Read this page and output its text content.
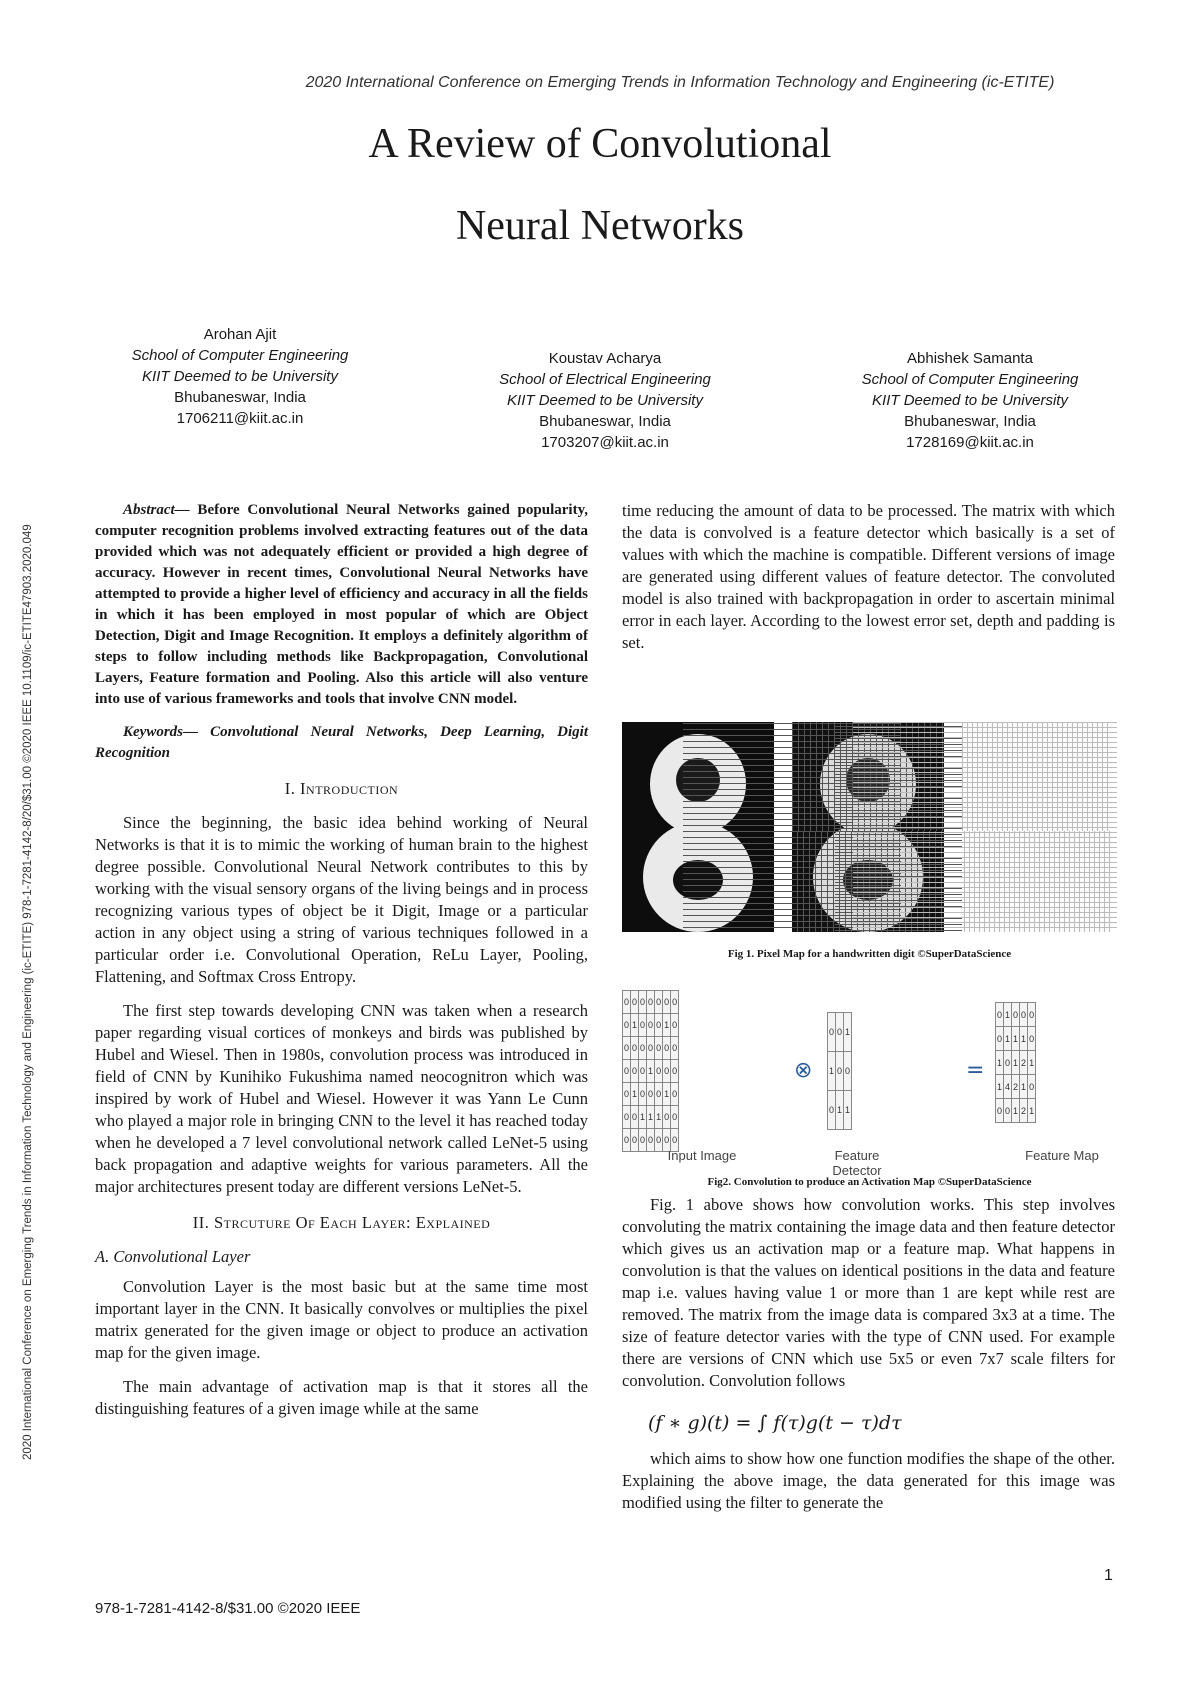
2020 International Conference on Emerging Trends in Information Technology and Engineering (ic-ETITE)
A Review of Convolutional
Neural Networks
2020 International Conference on Emerging Trends in Information Technology and Engineering (ic-ETITE) 978-1-7281-4142-8/20/$31.00 ©2020 IEEE 10.1109/ic-ETITE47903.2020.049
Arohan Ajit
School of Computer Engineering
KIIT Deemed to be University
Bhubaneswar, India
1706211@kiit.ac.in
Koustav Acharya
School of Electrical Engineering
KIIT Deemed to be University
Bhubaneswar, India
1703207@kiit.ac.in
Abhishek Samanta
School of Computer Engineering
KIIT Deemed to be University
Bhubaneswar, India
1728169@kiit.ac.in

Abstract— Before Convolutional Neural Networks gained popularity, computer recognition problems involved extracting features out of the data provided which was not adequately efficient or provided a high degree of accuracy. However in recent times, Convolutional Neural Networks have attempted to provide a higher level of efficiency and accuracy in all the fields in which it has been employed in most popular of which are Object Detection, Digit and Image Recognition. It employs a definitely algorithm of steps to follow including methods like Backpropagation, Convolutional Layers, Feature formation and Pooling. Also this article will also venture into use of various frameworks and tools that involve CNN model.

Keywords— Convolutional Neural Networks, Deep Learning, Digit Recognition

I. Introduction

Since the beginning, the basic idea behind working of Neural Networks is that it is to mimic the working of human brain to the highest degree possible. Convolutional Neural Network contributes to this by working with the visual sensory organs of the living beings and in process recognizing various types of object be it Digit, Image or a particular action in any object using a string of various techniques followed in a particular order i.e. Convolutional Operation, ReLu Layer, Pooling, Flattening, and Softmax Cross Entropy.

The first step towards developing CNN was taken when a research paper regarding visual cortices of monkeys and birds was published by Hubel and Wiesel. Then in 1980s, convolution process was introduced in field of CNN by Kunihiko Fukushima named neocognitron which was inspired by work of Hubel and Wiesel. However it was Yann Le Cunn who played a major role in bringing CNN to the level it has reached today when he developed a 7 level convolutional network called LeNet-5 using back propagation and adaptive weights for various parameters. All the major architectures present today are different versions LeNet-5.

II. Strcuture Of Each Layer: Explained
A. Convolutional Layer

Convolution Layer is the most basic but at the same time most important layer in the CNN. It basically convolves or multiplies the pixel matrix generated for the given image or object to produce an activation map for the given image.

The main advantage of activation map is that it stores all the distinguishing features of a given image while at the same

time reducing the amount of data to be processed. The matrix with which the data is convolved is a feature detector which basically is a set of values with which the machine is compatible. Different versions of image are generated using different values of feature detector. The convoluted model is also trained with backpropagation in order to ascertain minimal error in each layer. According to the lowest error set, depth and padding is set.

Fig 1. Pixel Map for a handwritten digit ©SuperDataScience
0	0	0	0	0	0	0
0	1	0	0	0	1	0
0	0	0	0	0	0	0
0	0	0	1	0	0	0
0	1	0	0	0	1	0
0	0	1	1	1	0	0
0	0	0	0	0	0	0
⊗
0	0	1
1	0	0
0	1	1
=
0	1	0	0	0
0	1	1	1	0
1	0	1	2	1
1	4	2	1	0
0	0	1	2	1
Input Image	Feature Detector
Feature Map
Fig2. Convolution to produce an Activation Map ©SuperDataScience

Fig. 1 above shows how convolution works. This step involves convoluting the matrix containing the image data and then feature detector which gives us an activation map or a feature map. What happens in convolution is that the values on identical positions in the data and feature map i.e. values having value 1 or more than 1 are kept while rest are removed. The matrix from the image data is compared 3x3 at a time. The size of feature detector varies with the type of CNN used. For example there are versions of CNN which use 5x5 or even 7x7 scale filters for convolution. Convolution follows

(f ∗ g)(t) = ∫ f(τ)g(t − τ)dτ

which aims to show how one function modifies the shape of the other. Explaining the above image, the data generated for this image was modified using the filter to generate the

978-1-7281-4142-8/$31.00 ©2020 IEEE
1
